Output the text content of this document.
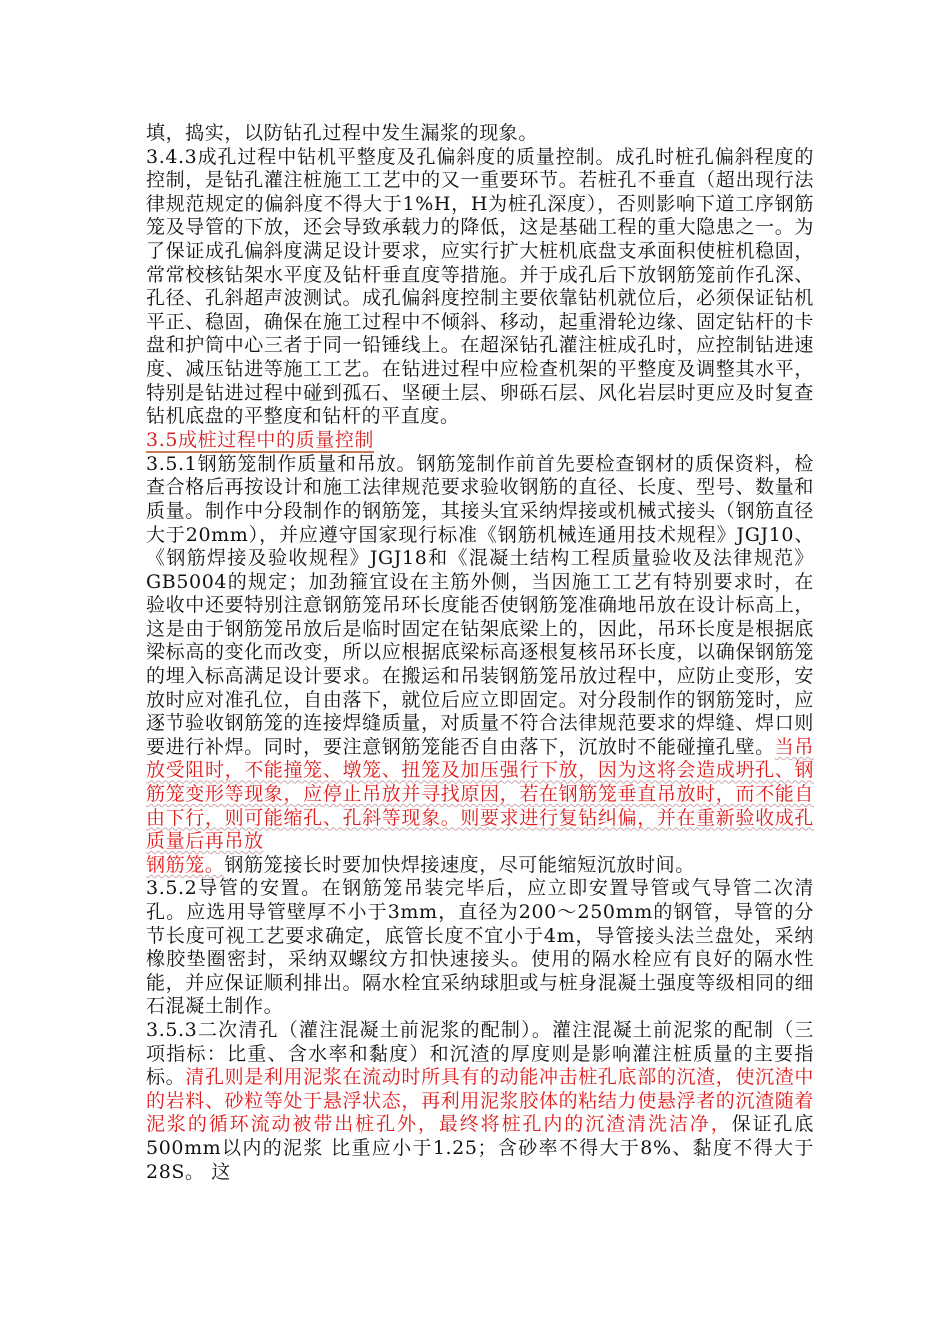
填，捣实，以防钻孔过程中发生漏浆的现象。

3.4.3成孔过程中钻机平整度及孔偏斜度的质量控制。成孔时桩孔偏斜程度的控制，是钻孔灌注桩施工工艺中的又一重要环节。若桩孔不垂直（超出现行法律规范规定的偏斜度不得大于1%H，H为桩孔深度），否则影响下道工序钢筋笼及导管的下放，还会导致承载力的降低，这是基础工程的重大隐患之一。为了保证成孔偏斜度满足设计要求，应实行扩大桩机底盘支承面积使桩机稳固，常常校核钻架水平度及钻杆垂直度等措施。并于成孔后下放钢筋笼前作孔深、孔径、孔斜超声波测试。成孔偏斜度控制主要依靠钻机就位后，必须保证钻机平正、稳固，确保在施工过程中不倾斜、移动，起重滑轮边缘、固定钻杆的卡盘和护筒中心三者于同一铅锤线上。在超深钻孔灌注桩成孔时，应控制钻进速度、减压钻进等施工工艺。在钻进过程中应检查机架的平整度及调整其水平，特别是钻进过程中碰到孤石、坚硬土层、卵砾石层、风化岩层时更应及时复查钻机底盘的平整度和钻杆的平直度。

3.5成桩过程中的质量控制

3.5.1钢筋笼制作质量和吊放。钢筋笼制作前首先要检查钢材的质保资料，检查合格后再按设计和施工法律规范要求验收钢筋的直径、长度、型号、数量和质量。制作中分段制作的钢筋笼，其接头宜采纳焊接或机械式接头（钢筋直径大于20mm），并应遵守国家现行标准《钢筋机械连通用技术规程》JGJ10、《钢筋焊接及验收规程》JGJ18和《混凝土结构工程质量验收及法律规范》GB5004的规定；加劲箍宜设在主筋外侧，当因施工工艺有特别要求时，在验收中还要特别注意钢筋笼吊环长度能否使钢筋笼准确地吊放在设计标高上，这是由于钢筋笼吊放后是临时固定在钻架底梁上的，因此，吊环长度是根据底梁标高的变化而改变，所以应根据底梁标高逐根复核吊环长度，以确保钢筋笼的埋入标高满足设计要求。在搬运和吊装钢筋笼吊放过程中，应防止变形，安放时应对准孔位，自由落下，就位后应立即固定。对分段制作的钢筋笼时，应逐节验收钢筋笼的连接焊缝质量，对质量不符合法律规范要求的焊缝、焊口则要进行补焊。同时，要注意钢筋笼能否自由落下，沉放时不能碰撞孔壁。当吊放受阻时，不能撞笼、墩笼、扭笼及加压强行下放，因为这将会造成坍孔、钢筋笼变形等现象，应停止吊放并寻找原因，若在钢筋笼垂直吊放时，而不能自由下行，则可能缩孔、孔斜等现象。则要求进行复钻纠偏，并在重新验收成孔质量后再吊放
钢筋笼。钢筋笼接长时要加快焊接速度，尽可能缩短沉放时间。

3.5.2导管的安置。在钢筋笼吊装完毕后，应立即安置导管或气导管二次清孔。应选用导管壁厚不小于3mm，直径为200～250mm的钢管，导管的分节长度可视工艺要求确定，底管长度不宜小于4m，导管接头法兰盘处，采纳橡胶垫圈密封，采纳双螺纹方扣快速接头。使用的隔水栓应有良好的隔水性能，并应保证顺利排出。隔水栓宜采纳球胆或与桩身混凝土强度等级相同的细石混凝土制作。

3.5.3二次清孔（灌注混凝土前泥浆的配制）。灌注混凝土前泥浆的配制（三项指标：比重、含水率和黏度）和沉渣的厚度则是影响灌注桩质量的主要指标。清孔则是利用泥浆在流动时所具有的动能冲击桩孔底部的沉渣，使沉渣中的岩料、砂粒等处于悬浮状态，再利用泥浆胶体的粘结力使悬浮者的沉渣随着泥浆的循环流动被带出桩孔外，最终将桩孔内的沉渣清洗洁净，保证孔底500mm以内的泥浆 比重应小于1.25；含砂率不得大于8%、黏度不得大于28S。 这
